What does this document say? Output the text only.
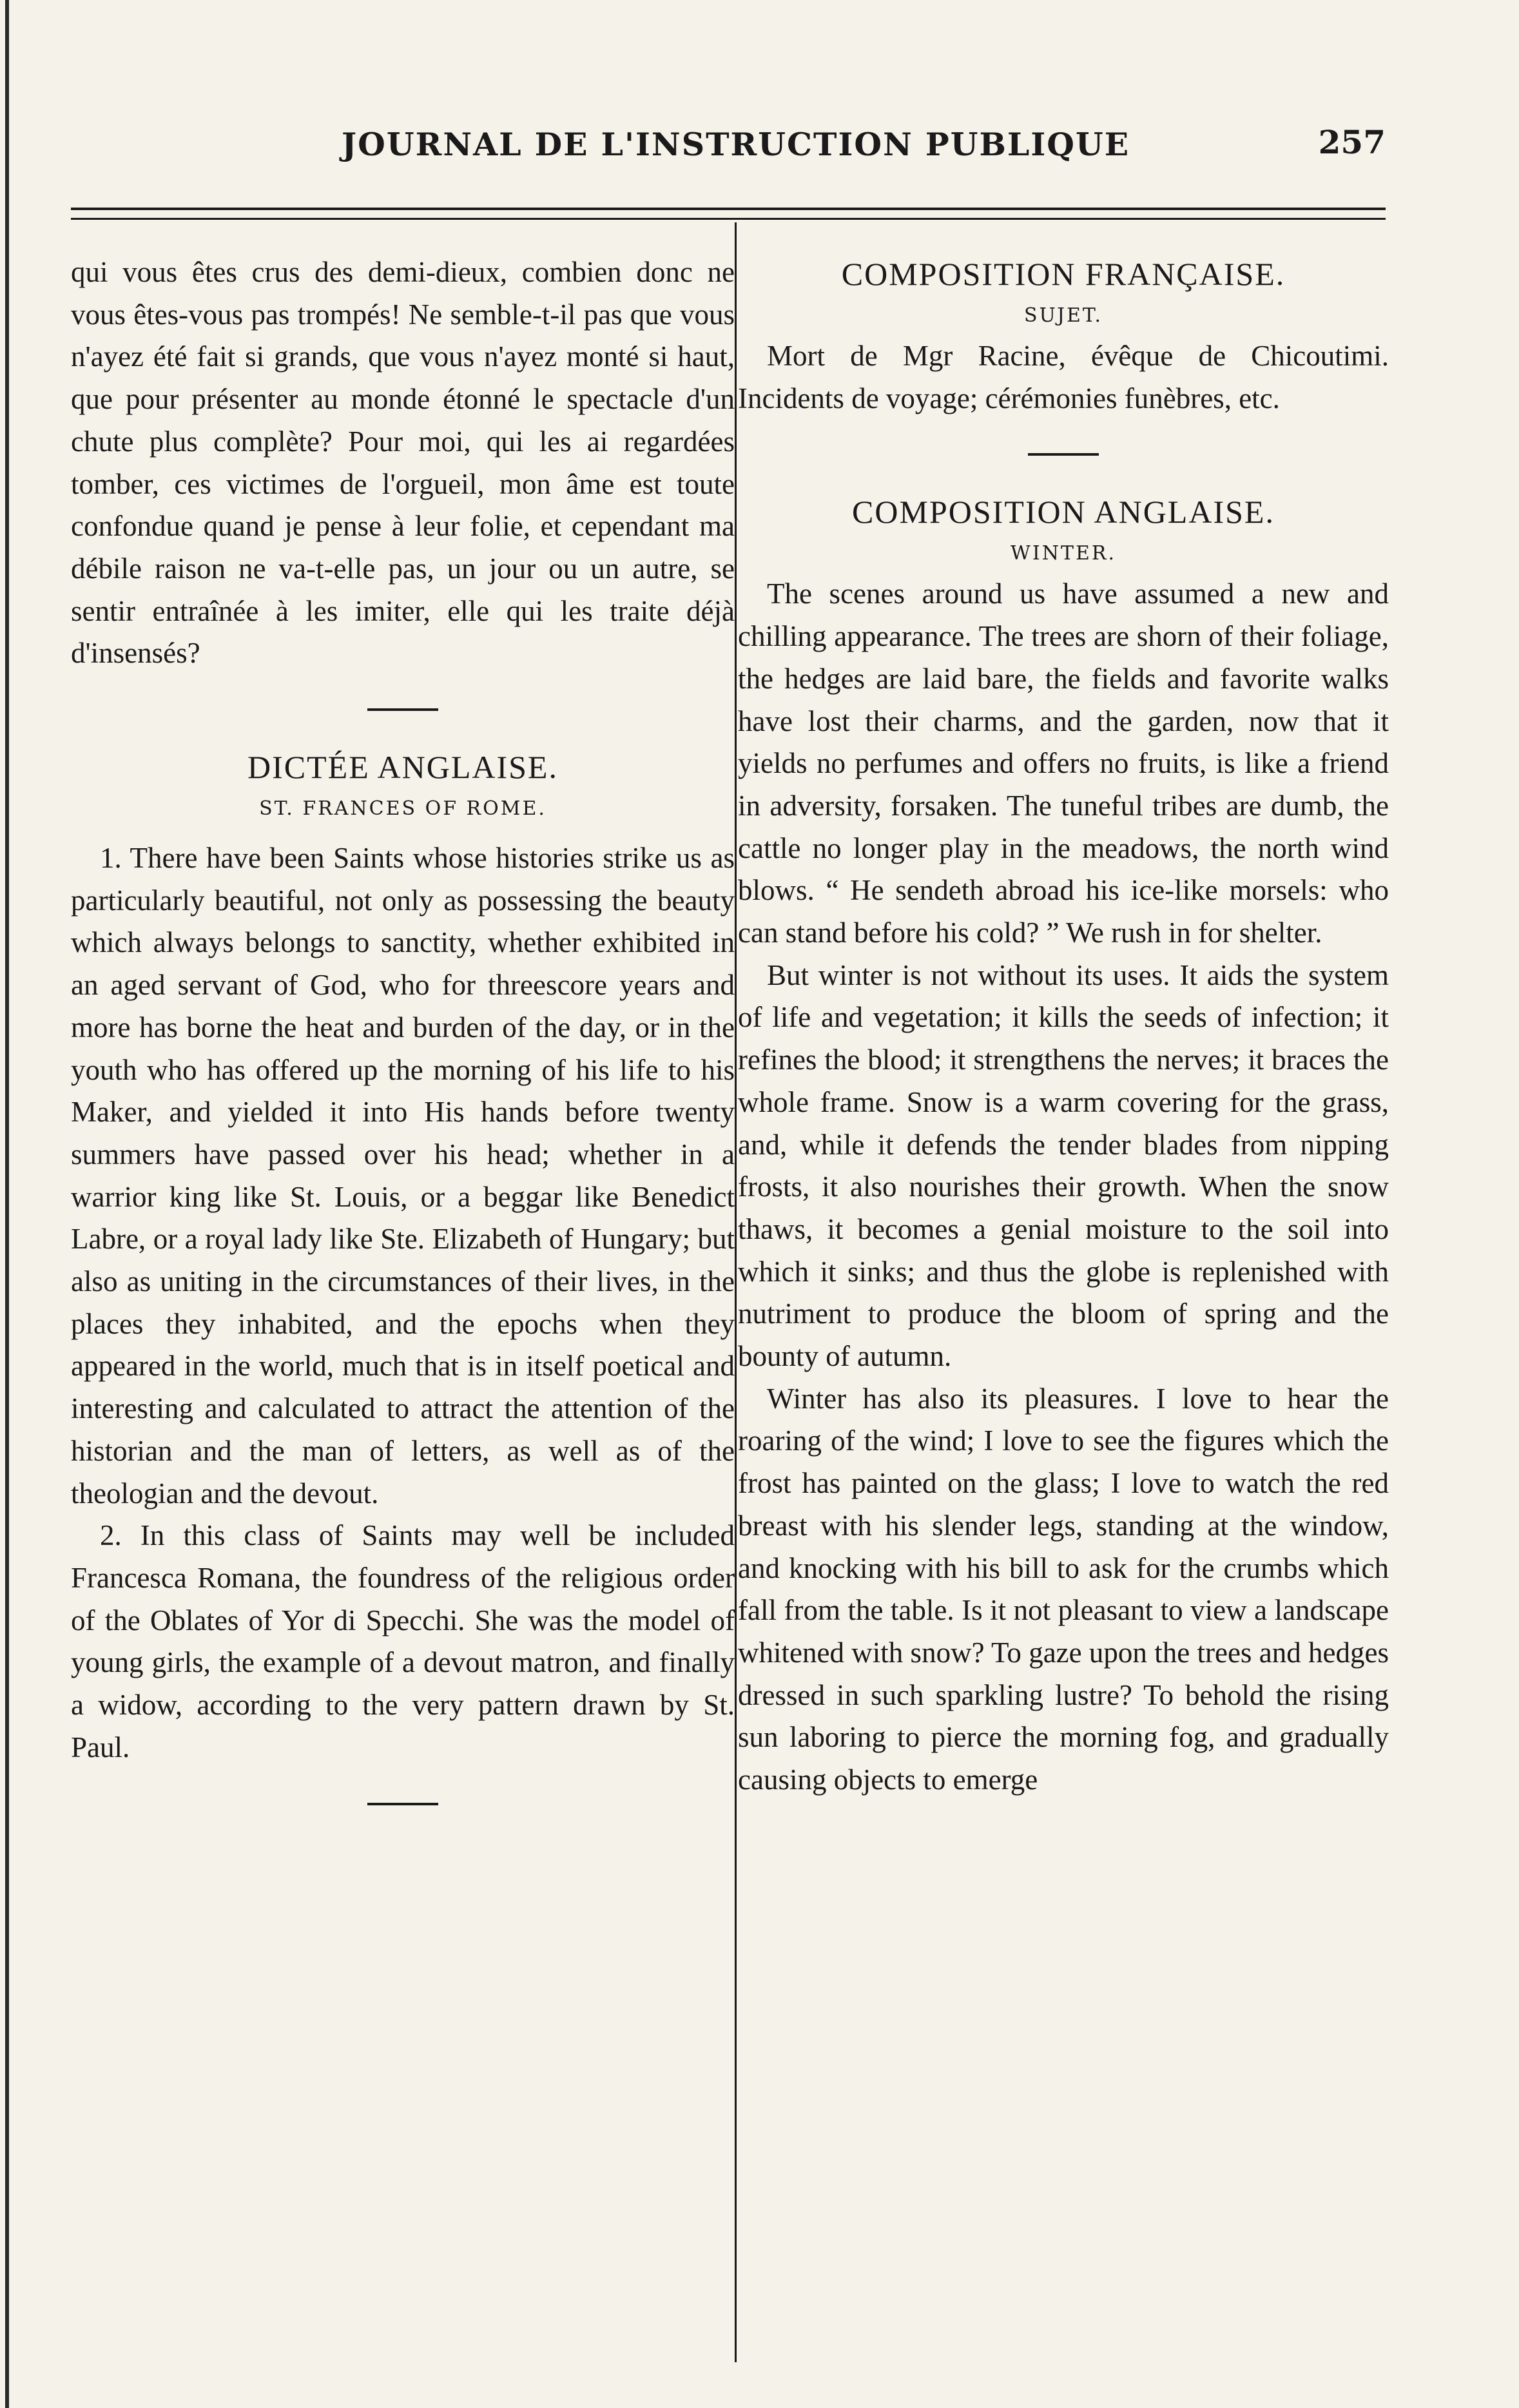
JOURNAL DE L'INSTRUCTION PUBLIQUE	257

qui vous êtes crus des demi-dieux, combien donc ne vous êtes-vous pas trompés! Ne semble-t-il pas que vous n'ayez été fait si grands, que vous n'ayez monté si haut, que pour présenter au monde étonné le spectacle d'un chute plus complète? Pour moi, qui les ai regardées tomber, ces victimes de l'orgueil, mon âme est toute confondue quand je pense à leur folie, et cependant ma débile raison ne va-t-elle pas, un jour ou un autre, se sentir entraînée à les imiter, elle qui les traite déjà d'insensés?

DICTÉE ANGLAISE.

ST. FRANCES OF ROME.

1. There have been Saints whose histories strike us as particularly beautiful, not only as possessing the beauty which always belongs to sanctity, whether exhibited in an aged servant of God, who for threescore years and more has borne the heat and burden of the day, or in the youth who has offered up the morning of his life to his Maker, and yielded it into His hands before twenty summers have passed over his head; whether in a warrior king like St. Louis, or a beggar like Benedict Labre, or a royal lady like Ste. Elizabeth of Hungary; but also as uniting in the circumstances of their lives, in the places they inhabited, and the epochs when they appeared in the world, much that is in itself poetical and interesting and calculated to attract the attention of the historian and the man of letters, as well as of the theologian and the devout.

2. In this class of Saints may well be included Francesca Romana, the foundress of the religious order of the Oblates of Yor di Specchi. She was the model of young girls, the example of a devout matron, and finally a widow, according to the very pattern drawn by St. Paul.

COMPOSITION FRANÇAISE.

SUJET.

Mort de Mgr Racine, évêque de Chicoutimi. Incidents de voyage; cérémonies funèbres, etc.

COMPOSITION ANGLAISE.

WINTER.

The scenes around us have assumed a new and chilling appearance. The trees are shorn of their foliage, the hedges are laid bare, the fields and favorite walks have lost their charms, and the garden, now that it yields no perfumes and offers no fruits, is like a friend in adversity, forsaken. The tuneful tribes are dumb, the cattle no longer play in the meadows, the north wind blows. “ He sendeth abroad his ice-like morsels: who can stand before his cold? ” We rush in for shelter.

But winter is not without its uses. It aids the system of life and vegetation; it kills the seeds of infection; it refines the blood; it strengthens the nerves; it braces the whole frame. Snow is a warm covering for the grass, and, while it defends the tender blades from nipping frosts, it also nourishes their growth. When the snow thaws, it becomes a genial moisture to the soil into which it sinks; and thus the globe is replenished with nutriment to produce the bloom of spring and the bounty of autumn.

Winter has also its pleasures. I love to hear the roaring of the wind; I love to see the figures which the frost has painted on the glass; I love to watch the red breast with his slender legs, standing at the window, and knocking with his bill to ask for the crumbs which fall from the table. Is it not pleasant to view a landscape whitened with snow? To gaze upon the trees and hedges dressed in such sparkling lustre? To behold the rising sun laboring to pierce the morning fog, and gradually causing objects to emerge
